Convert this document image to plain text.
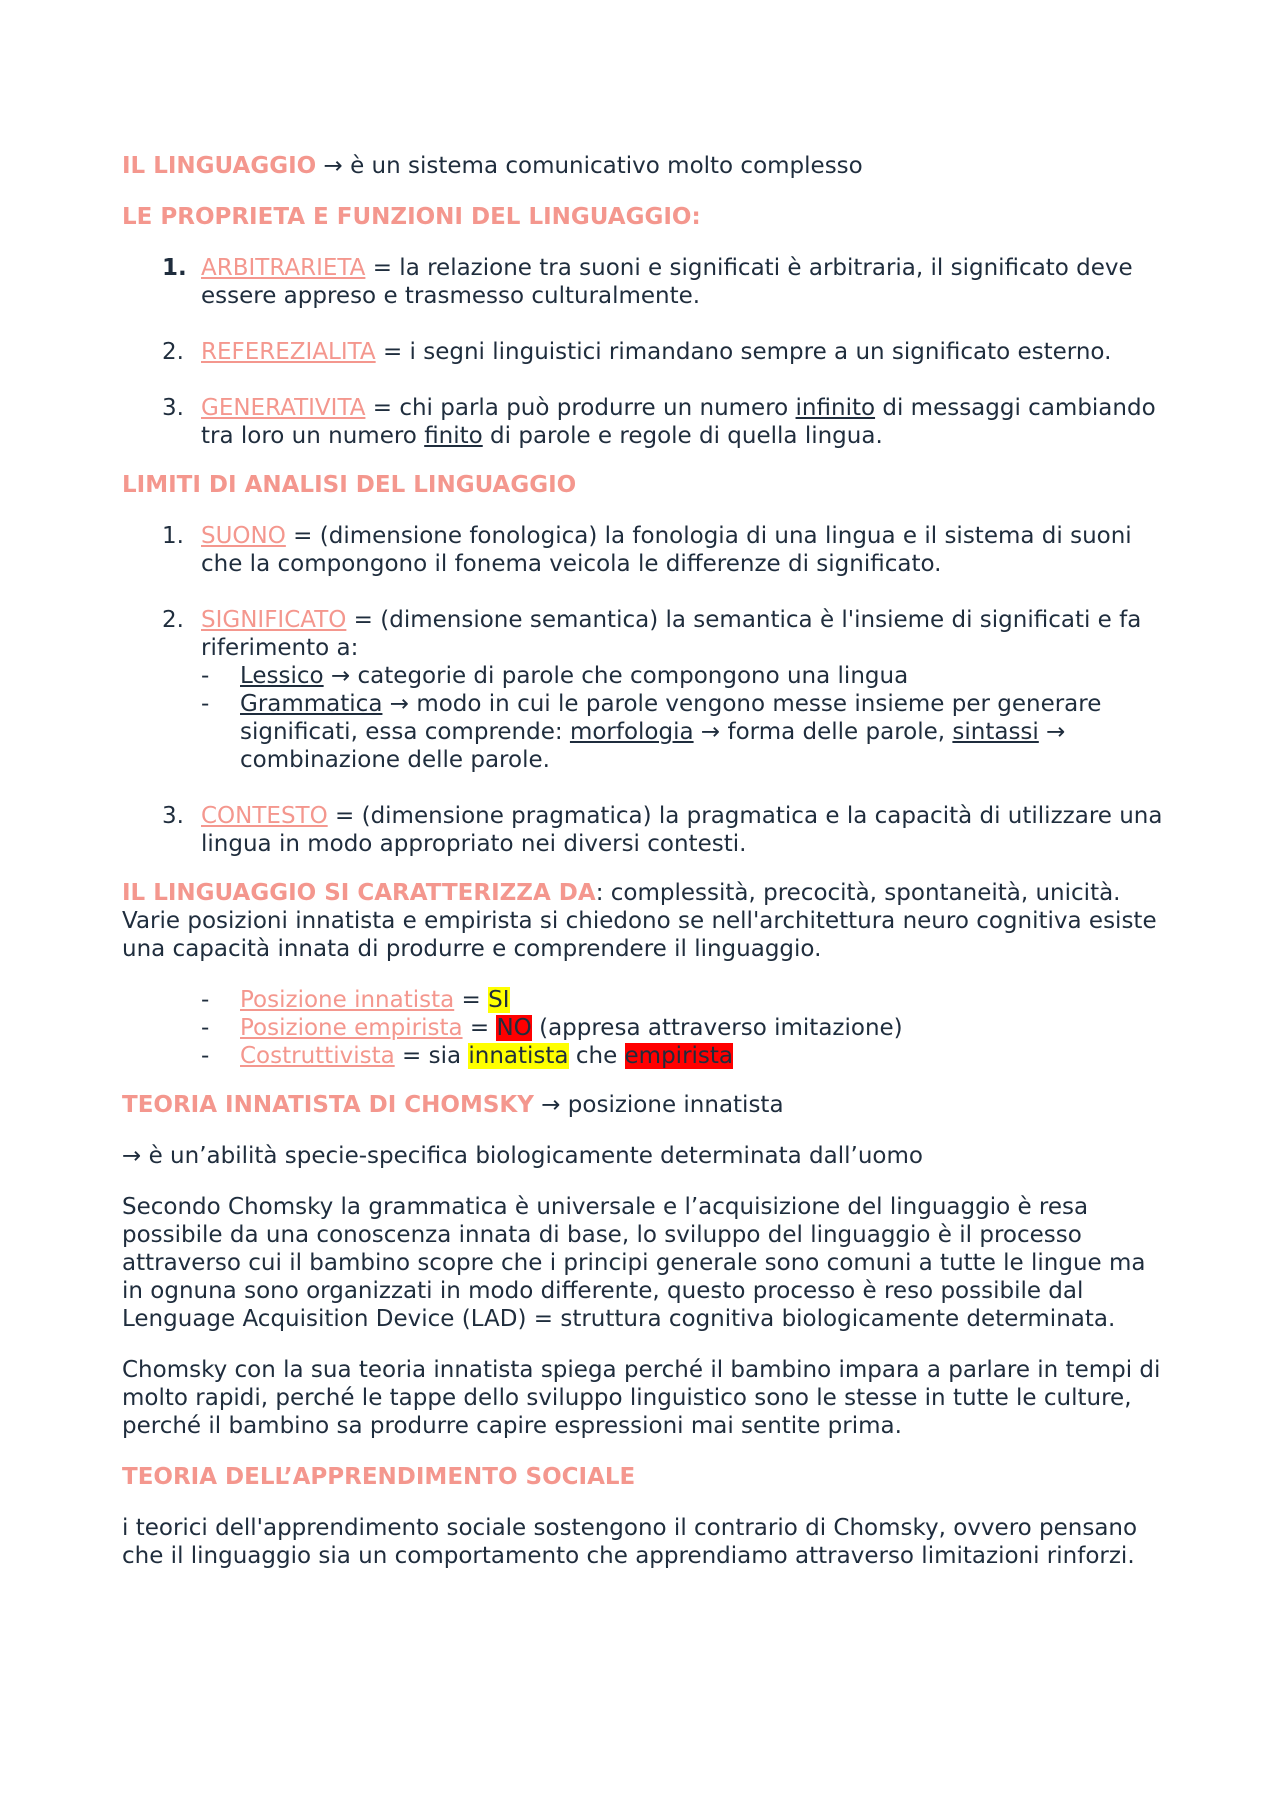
IL LINGUAGGIO → è un sistema comunicativo molto complesso
LE PROPRIETA E FUNZIONI DEL LINGUAGGIO:
1. ARBITRARIETA = la relazione tra suoni e significati è arbitraria, il significato deve essere appreso e trasmesso culturalmente.
2. REFEREZIALITA = i segni linguistici rimandano sempre a un significato esterno.
3. GENERATIVITA = chi parla può produrre un numero infinito di messaggi cambiando tra loro un numero finito di parole e regole di quella lingua.
LIMITI DI ANALISI DEL LINGUAGGIO
1. SUONO = (dimensione fonologica) la fonologia di una lingua e il sistema di suoni che la compongono il fonema veicola le differenze di significato.
2. SIGNIFICATO = (dimensione semantica) la semantica è l'insieme di significati e fa riferimento a:
- Lessico → categorie di parole che compongono una lingua
- Grammatica → modo in cui le parole vengono messe insieme per generare significati, essa comprende: morfologia → forma delle parole, sintassi → combinazione delle parole.
3. CONTESTO = (dimensione pragmatica) la pragmatica e la capacità di utilizzare una lingua in modo appropriato nei diversi contesti.
IL LINGUAGGIO SI CARATTERIZZA DA: complessità, precocità, spontaneità, unicità. Varie posizioni innatista e empirista si chiedono se nell'architettura neuro cognitiva esiste una capacità innata di produrre e comprendere il linguaggio.
- Posizione innatista = SI
- Posizione empirista = NO (appresa attraverso imitazione)
- Costruttivista = sia innatista che empirista
TEORIA INNATISTA DI CHOMSKY → posizione innatista
→ è un’abilità specie-specifica biologicamente determinata dall’uomo
Secondo Chomsky la grammatica è universale e l’acquisizione del linguaggio è resa possibile da una conoscenza innata di base, lo sviluppo del linguaggio è il processo attraverso cui il bambino scopre che i principi generale sono comuni a tutte le lingue ma in ognuna sono organizzati in modo differente, questo processo è reso possibile dal Lenguage Acquisition Device (LAD) = struttura cognitiva biologicamente determinata.
Chomsky con la sua teoria innatista spiega perché il bambino impara a parlare in tempi di molto rapidi, perché le tappe dello sviluppo linguistico sono le stesse in tutte le culture, perché il bambino sa produrre capire espressioni mai sentite prima.
TEORIA DELL’APPRENDIMENTO SOCIALE
i teorici dell'apprendimento sociale sostengono il contrario di Chomsky, ovvero pensano che il linguaggio sia un comportamento che apprendiamo attraverso limitazioni rinforzi.
